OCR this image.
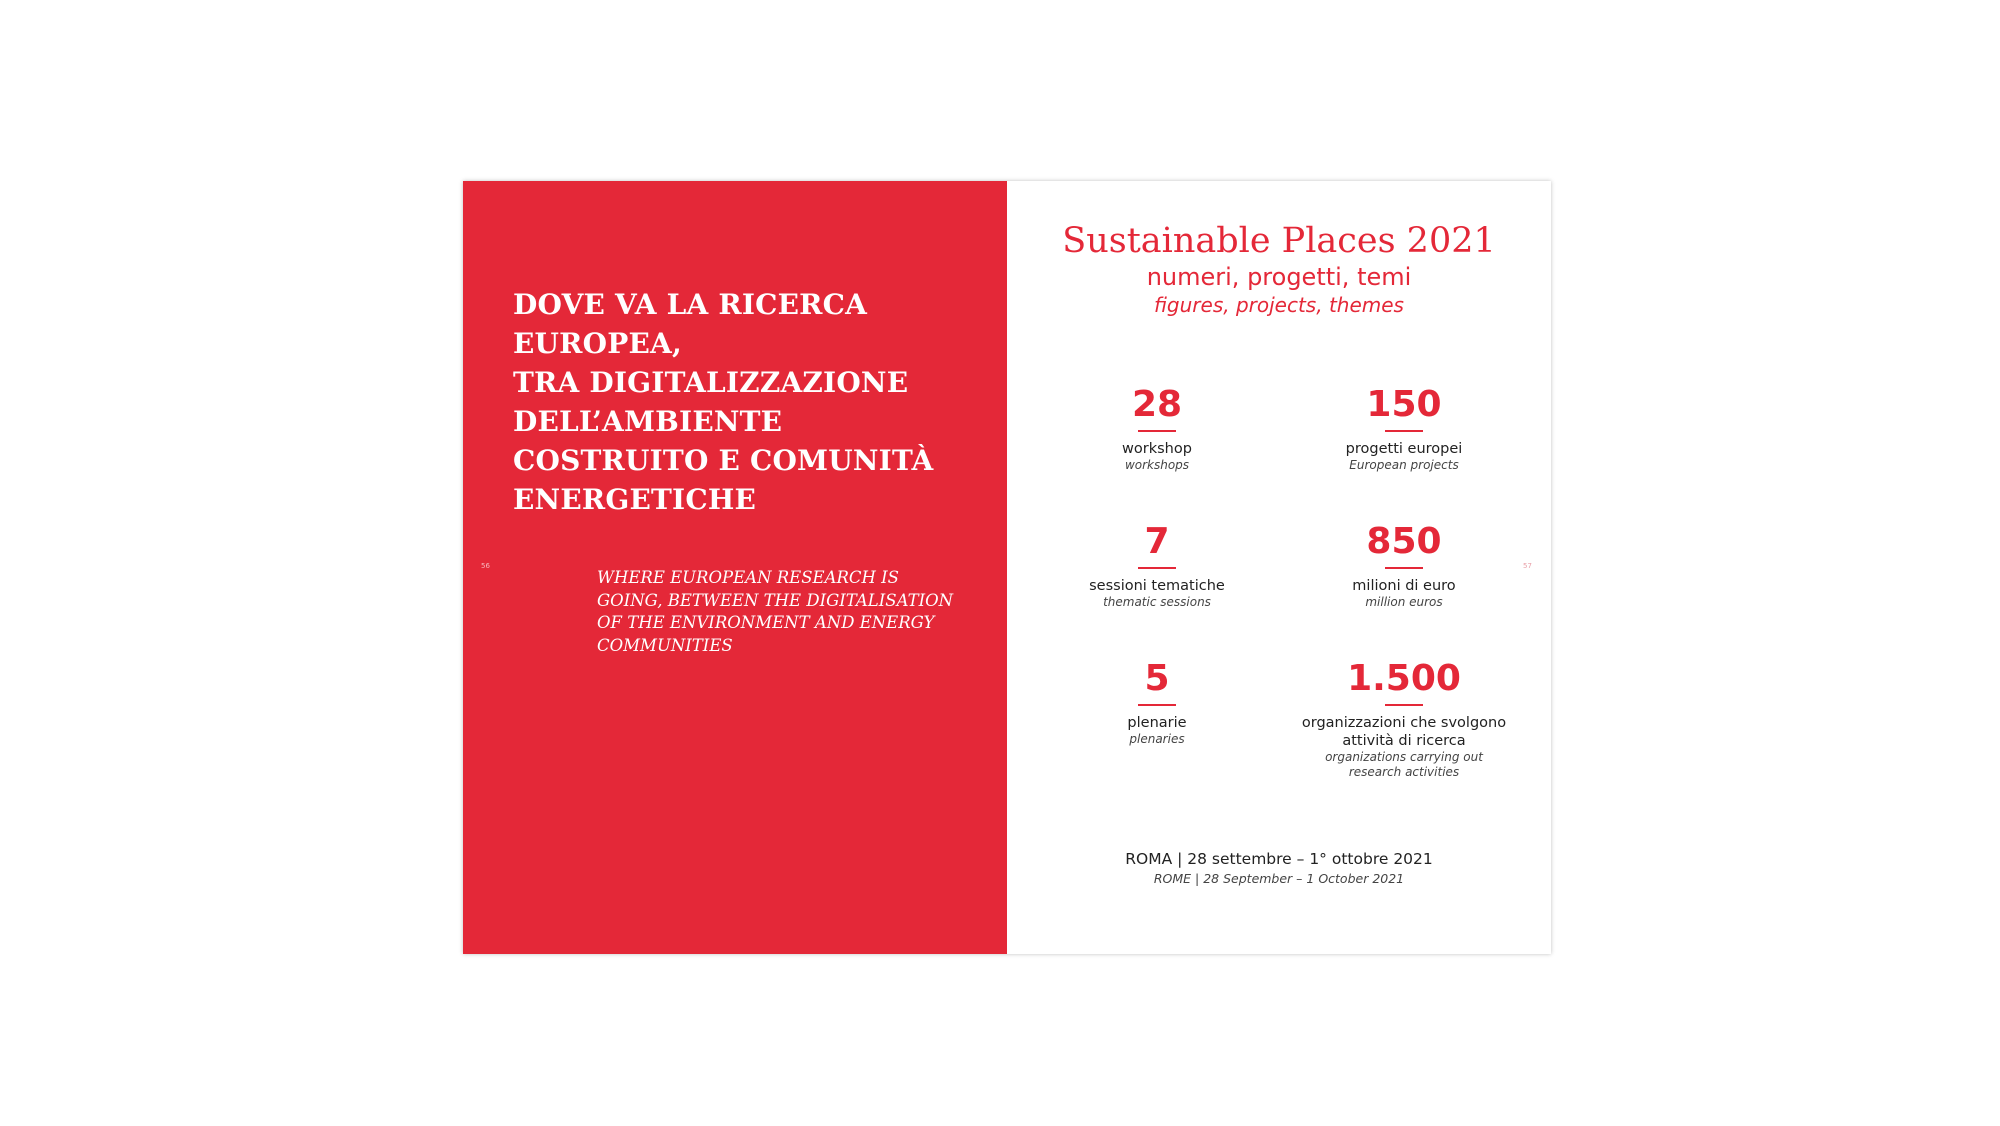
DOVE VA LA RICERCA
EUROPEA,
TRA DIGITALIZZAZIONE
DELL’AMBIENTE
COSTRUITO E COMUNITÀ
ENERGETICHE
56
WHERE EUROPEAN RESEARCH IS
GOING, BETWEEN THE DIGITALISATION
OF THE ENVIRONMENT AND ENERGY
COMMUNITIES
Sustainable Places 2021
numeri, progetti, temi
figures, projects, themes
57
28
workshop
workshops
150
progetti europei
European projects
7
sessioni tematiche
thematic sessions
850
milioni di euro
million euros
5
plenarie
plenaries
1.500
organizzazioni che svolgono
attività di ricerca
organizations carrying out
research activities
ROMA | 28 settembre – 1° ottobre 2021
ROME | 28 September – 1 October 2021
